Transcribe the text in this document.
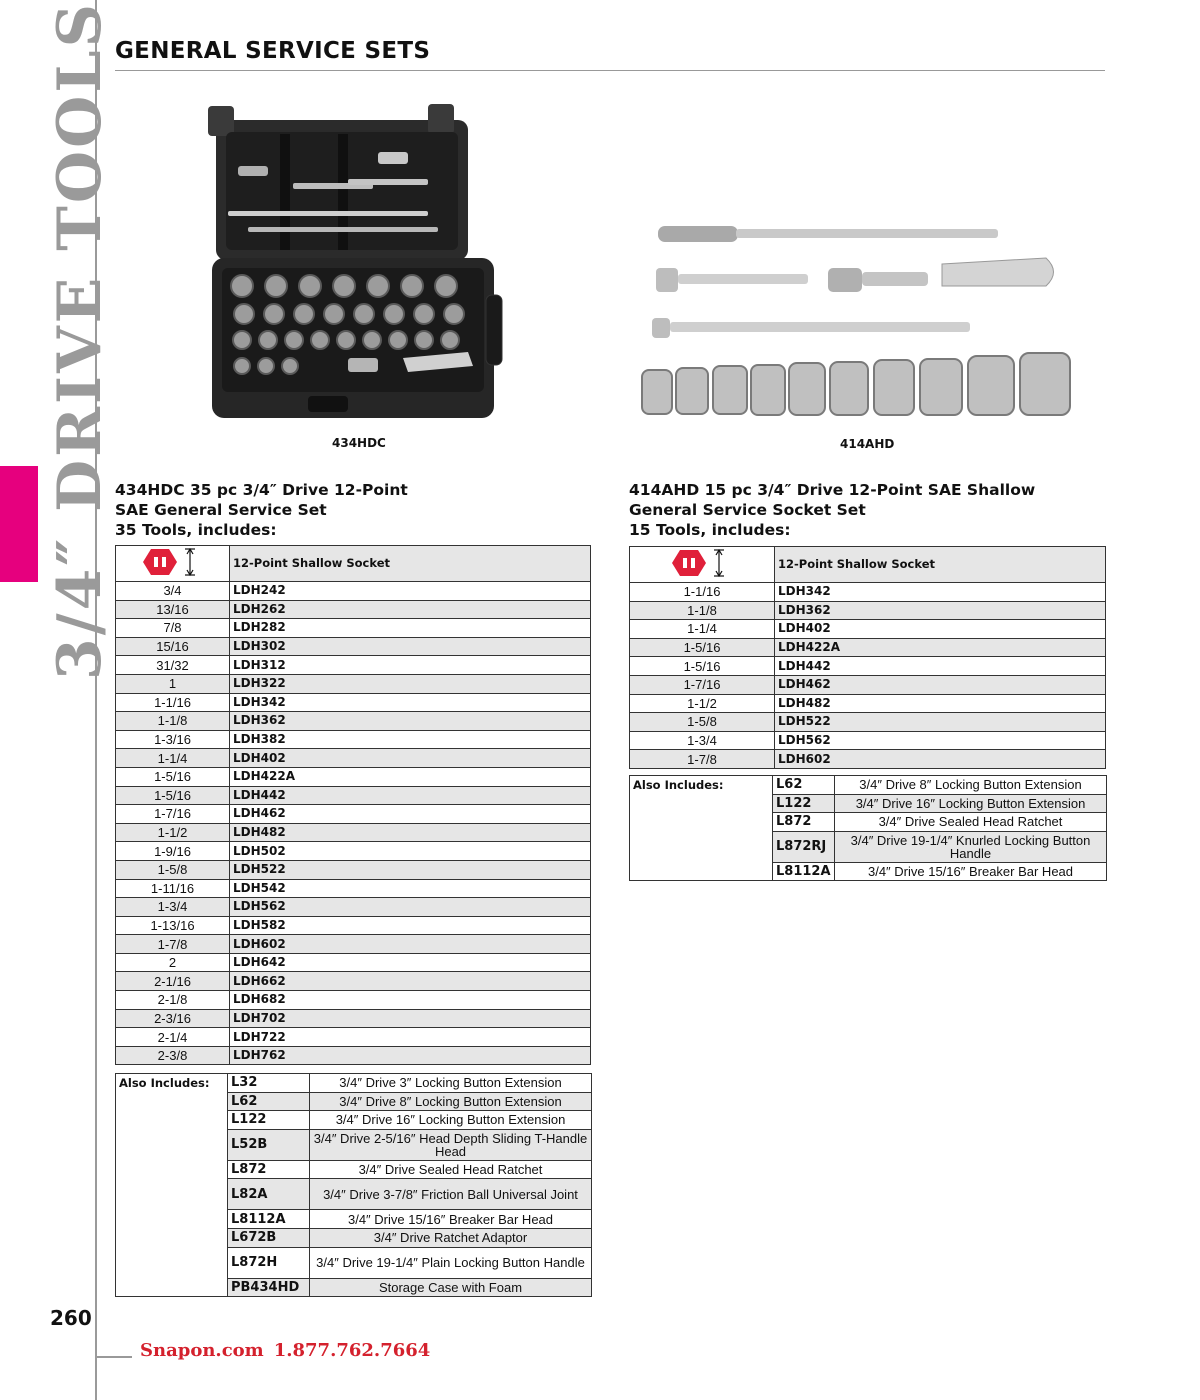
3/4″ DRIVE TOOLS GENERAL SERVICE SETS
434HDC	414AHD
434HDC 35 pc 3/4″ Drive 12-Point
SAE General Service Set
35 Tools, includes:
	12-Point Shallow Socket
3/4	LDH242
13/16	LDH262
7/8	LDH282
15/16	LDH302
31/32	LDH312
1	LDH322
1-1/16	LDH342
1-1/8	LDH362
1-3/16	LDH382
1-1/4	LDH402
1-5/16	LDH422A
1-5/16	LDH442
1-7/16	LDH462
1-1/2	LDH482
1-9/16	LDH502
1-5/8	LDH522
1-11/16	LDH542
1-3/4	LDH562
1-13/16	LDH582
1-7/8	LDH602
2	LDH642
2-1/16	LDH662
2-1/8	LDH682
2-3/16	LDH702
2-1/4	LDH722
2-3/8	LDH762
Also Includes:	L32	3/4″ Drive 3″ Locking Button Extension
	L62	3/4″ Drive 8″ Locking Button Extension
	L122	3/4″ Drive 16″ Locking Button Extension
	L52B	3/4″ Drive 2-5/16″ Head Depth Sliding T-Handle Head
	L872	3/4″ Drive Sealed Head Ratchet
	L82A	3/4″ Drive 3-7/8″ Friction Ball Universal Joint
	L8112A	3/4″ Drive 15/16″ Breaker Bar Head
	L672B	3/4″ Drive Ratchet Adaptor
	L872H	3/4″ Drive 19-1/4″ Plain Locking Button Handle
	PB434HD	Storage Case with Foam
414AHD 15 pc 3/4″ Drive 12-Point SAE Shallow
General Service Socket Set
15 Tools, includes:
	12-Point Shallow Socket
1-1/16	LDH342
1-1/8	LDH362
1-1/4	LDH402
1-5/16	LDH422A
1-5/16	LDH442
1-7/16	LDH462
1-1/2	LDH482
1-5/8	LDH522
1-3/4	LDH562
1-7/8	LDH602
Also Includes:	L62	3/4″ Drive 8″ Locking Button Extension
	L122	3/4″ Drive 16″ Locking Button Extension
	L872	3/4″ Drive Sealed Head Ratchet
	L872RJ	3/4″ Drive 19-1/4″ Knurled Locking Button Handle
	L8112A	3/4″ Drive 15/16″ Breaker Bar Head
260
Snapon.com 1.877.762.7664
